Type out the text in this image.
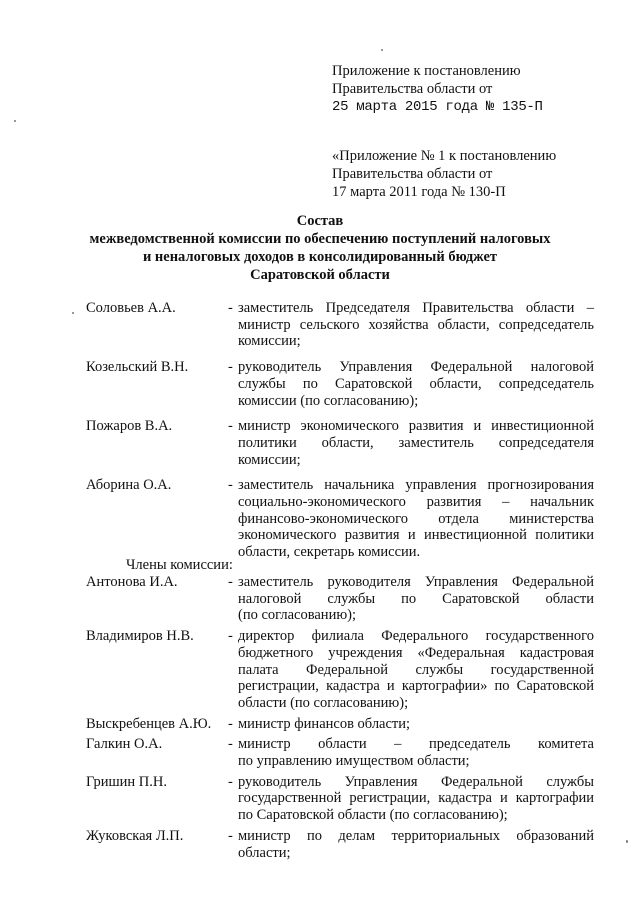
Приложение к постановлению
Правительства области от
25 марта 2015 года № 135-П
«Приложение № 1 к постановлению
Правительства области от
17 марта 2011 года № 130-П
Состав
межведомственной комиссии по обеспечению поступлений налоговых
и неналоговых доходов в консолидированный бюджет
Саратовской области
Соловьев А.А.	- заместитель Председателя Правительства области –
министр сельского хозяйства области, сопредседатель
комиссии;
Козельский В.Н.	- руководитель Управления Федеральной налоговой
службы по Саратовской области, сопредседатель
комиссии (по согласованию);
Пожаров В.А.	- министр экономического развития и инвестиционной
политики области, заместитель сопредседателя
комиссии;
Аборина О.А.	- заместитель начальника управления прогнозирования
социально-экономического развития – начальник
финансово-экономического отдела министерства
экономического развития и инвестиционной политики
области, секретарь комиссии.
Члены комиссии:
Антонова И.А.	- заместитель руководителя Управления Федеральной
налоговой службы по Саратовской области
(по согласованию);
Владимиров Н.В.	- директор филиала Федерального государственного
бюджетного учреждения «Федеральная кадастровая
палата Федеральной службы государственной
регистрации, кадастра и картографии» по Саратовской
области (по согласованию);
Выскребенцев А.Ю.	- министр финансов области;
Галкин О.А.	- министр области – председатель комитета
по управлению имуществом области;
Гришин П.Н.	- руководитель Управления Федеральной службы
государственной регистрации, кадастра и картографии
по Саратовской области (по согласованию);
Жуковская Л.П.	- министр по делам территориальных образований
области;
